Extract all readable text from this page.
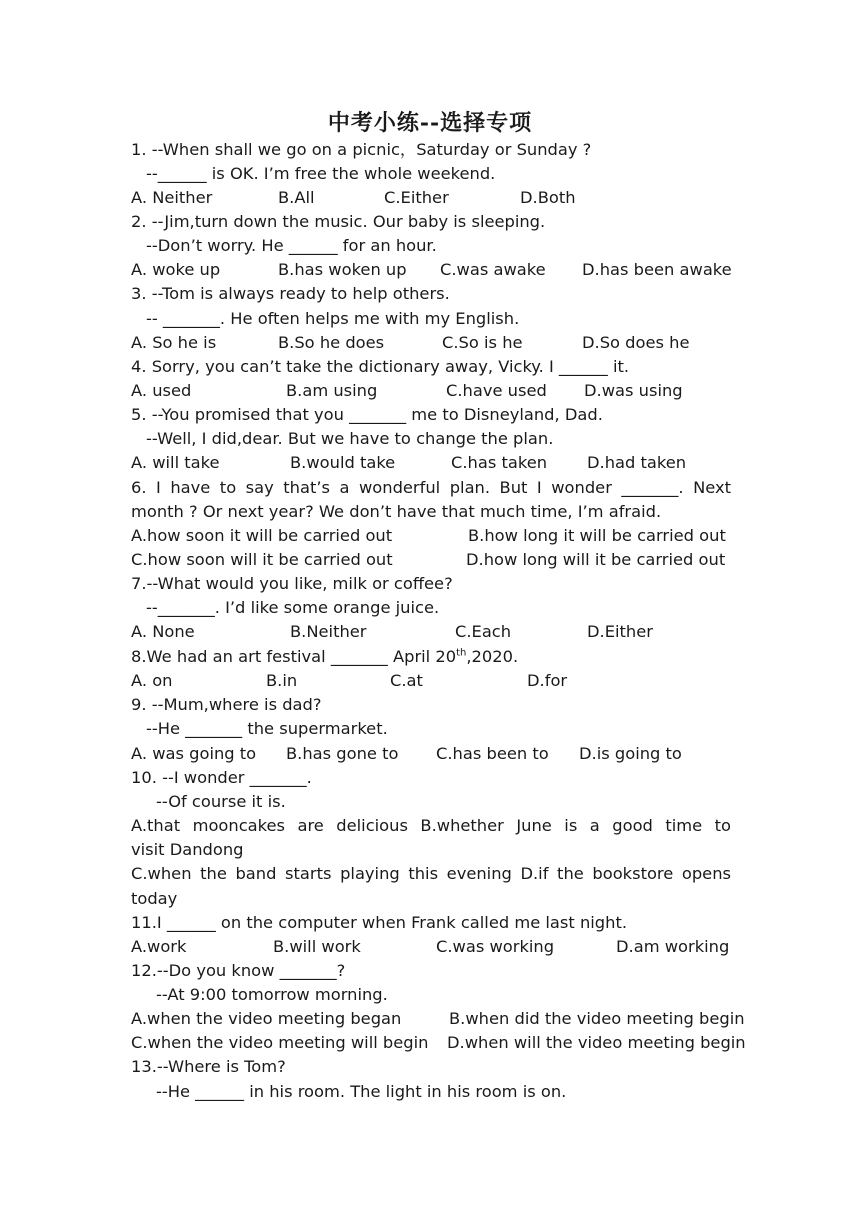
中考小练--选择专项
1. --When shall we go on a picnic，Saturday or Sunday ?
--______ is OK. I’m free the whole weekend.
A. Neither	B.All	C.Either	D.Both
2. --Jim,turn down the music. Our baby is sleeping.
--Don’t worry. He ______ for an hour.
A. woke up	B.has woken up C.was awake D.has been awake
3. --Tom is always ready to help others.
-- _______. He often helps me with my English.
A. So he is	B.So he does	C.So is he	D.So does he
4. Sorry, you can’t take the dictionary away, Vicky. I ______ it.
A. used	B.am using	C.have used D.was using
5. --You promised that you _______ me to Disneyland, Dad.
--Well, I did,dear. But we have to change the plan.
A. will take	B.would take	C.has taken D.had taken
6. I have to say that’s a wonderful plan. But I wonder _______. Next
month ? Or next year? We don’t have that much time, I’m afraid.
A.how soon it will be carried out	B.how long it will be carried out
C.how soon will it be carried out	D.how long will it be carried out
7.--What would you like, milk or coffee?
--_______. I’d like some orange juice.
A. None	B.Neither	C.Each	D.Either
8.We had an art festival _______ April 20th,2020.
A. on	B.in	C.at	D.for
9. --Mum,where is dad?
--He _______ the supermarket.
A. was going to B.has gone to C.has been to D.is going to
10. --I wonder _______.
--Of course it is.
A.that mooncakes are delicious B.whether June is a good time to
visit Dandong
C.when the band starts playing this evening D.if the bookstore opens
today
11.I ______ on the computer when Frank called me last night.
A.work	B.will work	C.was working	D.am working
12.--Do you know _______?
--At 9:00 tomorrow morning.
A.when the video meeting began	B.when did the video meeting begin
C.when the video meeting will begin D.when will the video meeting begin
13.--Where is Tom?
--He ______ in his room. The light in his room is on.
